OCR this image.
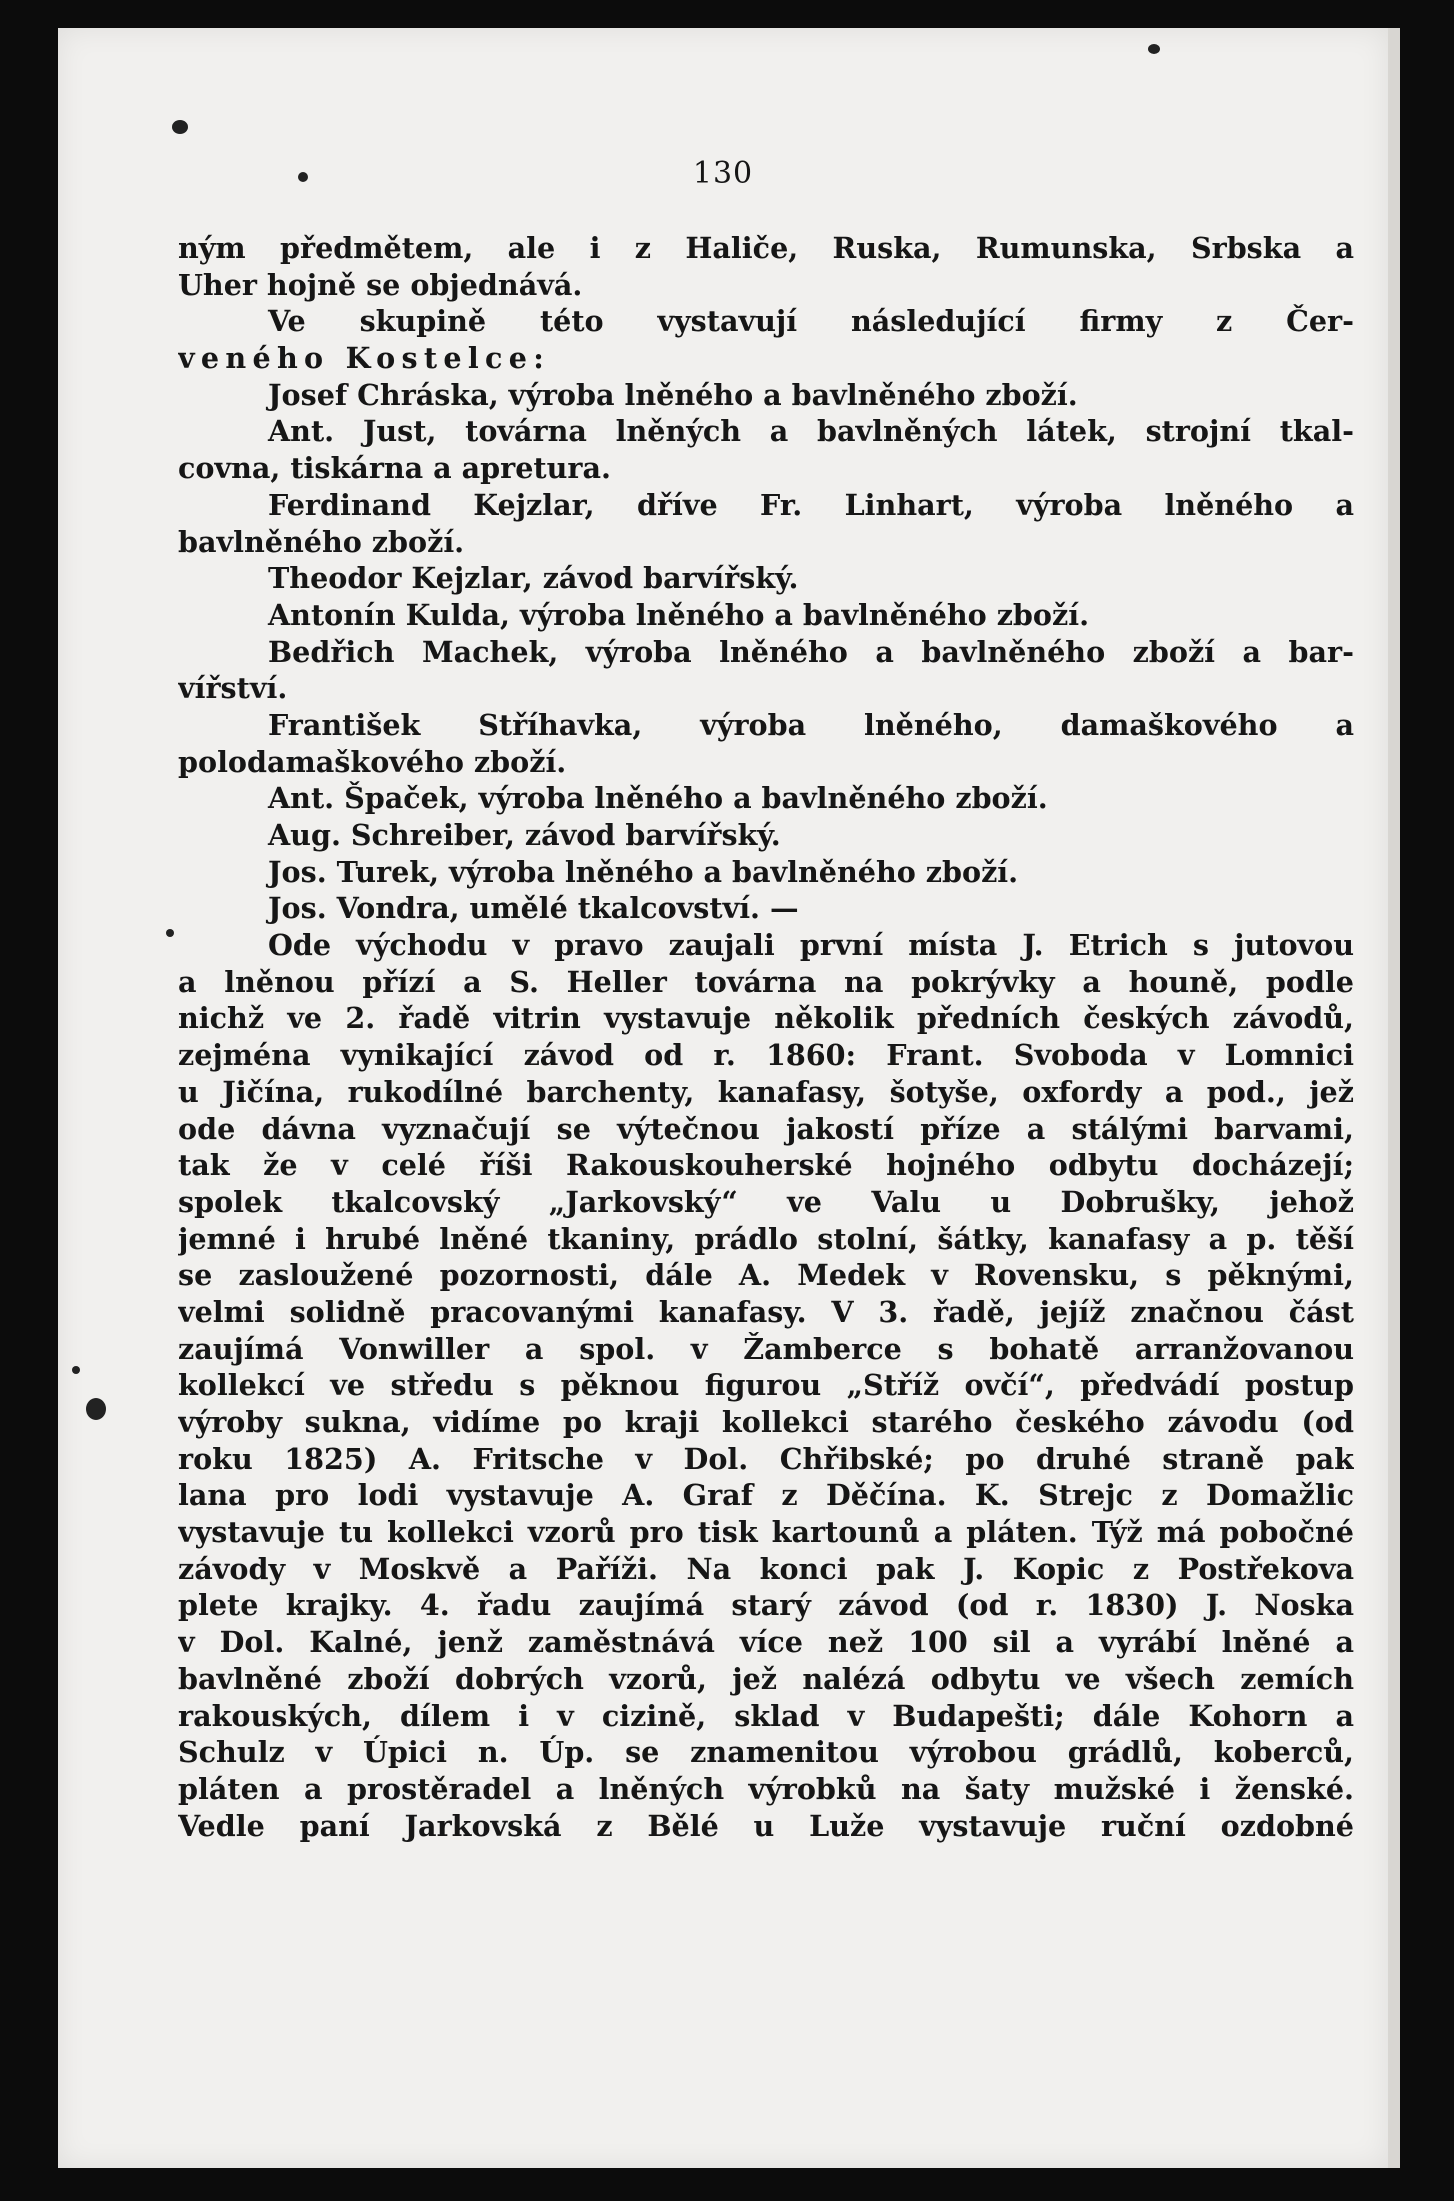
130
ným předmětem, ale i z Haliče, Ruska, Rumunska, Srbska a
Uher hojně se objednává.
Ve skupině této vystavují následující firmy z Čer-
veného Kostelce:
Josef Chráska, výroba lněného a bavlněného zboží.
Ant. Just, továrna lněných a bavlněných látek, strojní tkal-
covna, tiskárna a apretura.
Ferdinand Kejzlar, dříve Fr. Linhart, výroba lněného a
bavlněného zboží.
Theodor Kejzlar, závod barvířský.
Antonín Kulda, výroba lněného a bavlněného zboží.
Bedřich Machek, výroba lněného a bavlněného zboží a bar-
vířství.
František Stříhavka, výroba lněného, damaškového a
polodamaškového zboží.
Ant. Špaček, výroba lněného a bavlněného zboží.
Aug. Schreiber, závod barvířský.
Jos. Turek, výroba lněného a bavlněného zboží.
Jos. Vondra, umělé tkalcovství. —
Ode východu v pravo zaujali první místa J. Etrich s jutovou
a lněnou přízí a S. Heller továrna na pokrývky a houně, podle
nichž ve 2. řadě vitrin vystavuje několik předních českých závodů,
zejména vynikající závod od r. 1860: Frant. Svoboda v Lomnici
u Jičína, rukodílné barchenty, kanafasy, šotyše, oxfordy a pod., jež
ode dávna vyznačují se výtečnou jakostí příze a stálými barvami,
tak že v celé říši Rakouskouherské hojného odbytu docházejí;
spolek tkalcovský „Jarkovský“ ve Valu u Dobrušky, jehož
jemné i hrubé lněné tkaniny, prádlo stolní, šátky, kanafasy a p. těší
se zasloužené pozornosti, dále A. Medek v Rovensku, s pěknými,
velmi solidně pracovanými kanafasy. V 3. řadě, jejíž značnou část
zaujímá Vonwiller a spol. v Žamberce s bohatě arranžovanou
kollekcí ve středu s pěknou figurou „Stříž ovčí“, předvádí postup
výroby sukna, vidíme po kraji kollekci starého českého závodu (od
roku 1825) A. Fritsche v Dol. Chřibské; po druhé straně pak
lana pro lodi vystavuje A. Graf z Děčína. K. Strejc z Domažlic
vystavuje tu kollekci vzorů pro tisk kartounů a pláten. Týž má pobočné
závody v Moskvě a Paříži. Na konci pak J. Kopic z Postřekova
plete krajky. 4. řadu zaujímá starý závod (od r. 1830) J. Noska
v Dol. Kalné, jenž zaměstnává více než 100 sil a vyrábí lněné a
bavlněné zboží dobrých vzorů, jež nalézá odbytu ve všech zemích
rakouských, dílem i v cizině, sklad v Budapešti; dále Kohorn a
Schulz v Úpici n. Úp. se znamenitou výrobou grádlů, koberců,
pláten a prostěradel a lněných výrobků na šaty mužské i ženské.
Vedle paní Jarkovská z Bělé u Luže vystavuje ruční ozdobné
